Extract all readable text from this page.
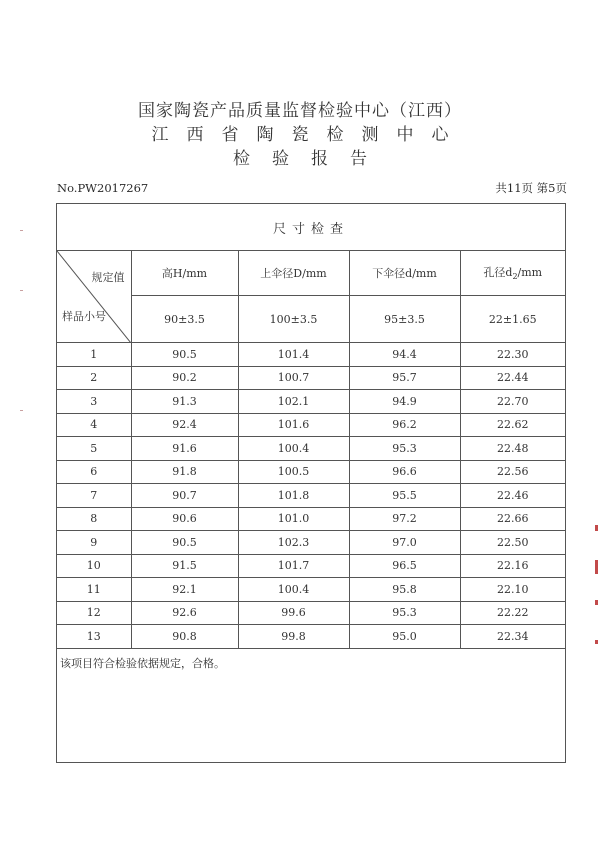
国家陶瓷产品质量监督检验中心（江西）
江西省陶瓷检测中心
检验报告
No.PW2017267	共11页 第5页
尺寸检查				

规定值
样品小号	高H/mm	上伞径D/mm	下伞径d/mm	孔径$d_2/mm$
	90±3.5	100±3.5	95±3.5	22±1.65
1	90.5	101.4	94.4	22.30
2	90.2	100.7	95.7	22.44
3	91.3	102.1	94.9	22.70
4	92.4	101.6	96.2	22.62
5	91.6	100.4	95.3	22.48
6	91.8	100.5	96.6	22.56
7	90.7	101.8	95.5	22.46
8	90.6	101.0	97.2	22.66
9	90.5	102.3	97.0	22.50
10	91.5	101.7	96.5	22.16
11	92.1	100.4	95.8	22.10
12	92.6	99.6	95.3	22.22
13	90.8	99.8	95.0	22.34
该项目符合检验依据规定，合格。
